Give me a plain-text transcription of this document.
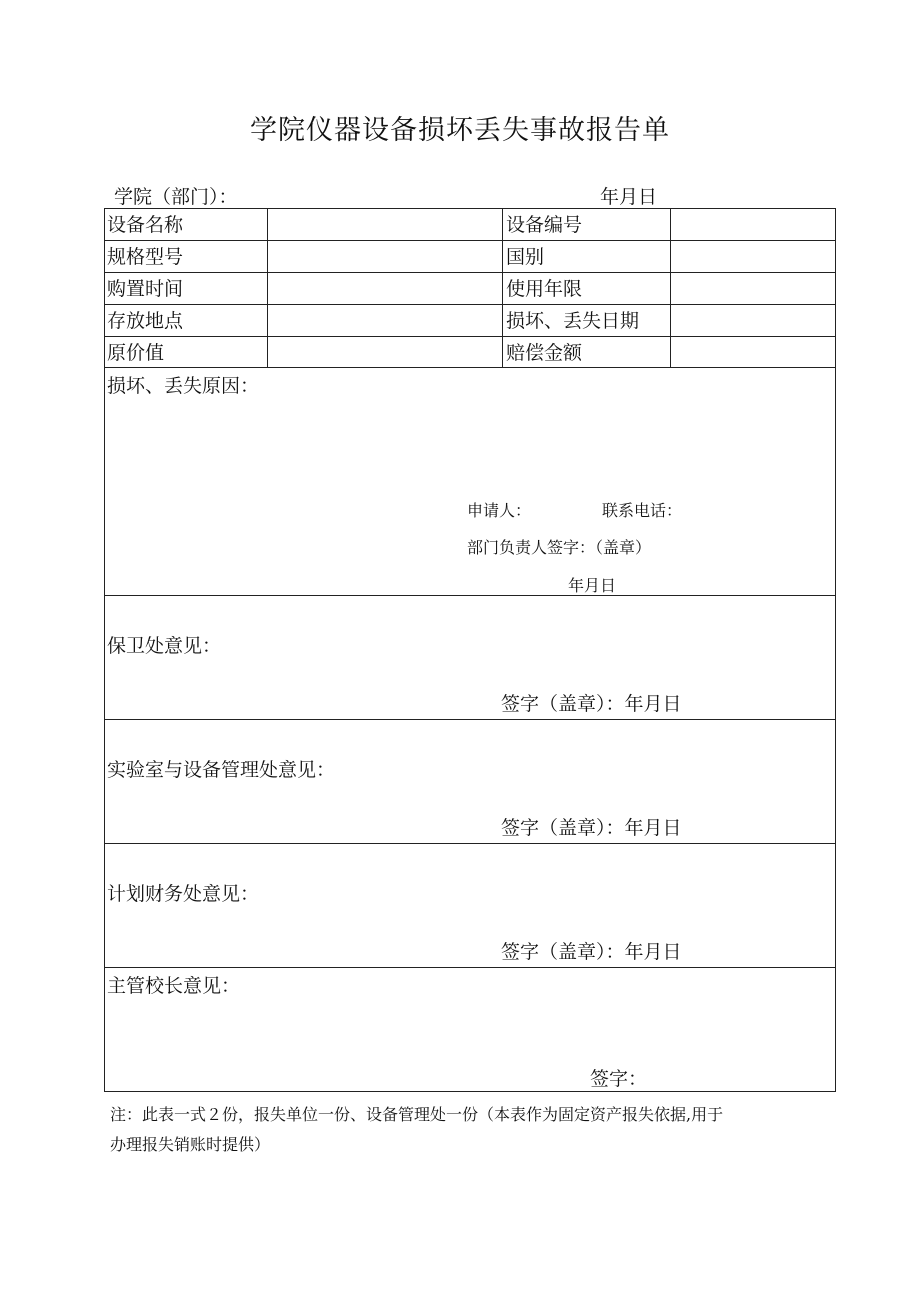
学院仪器设备损坏丢失事故报告单
学院（部门）：	年月日
设备名称	设备编号
规格型号	国别
购置时间	使用年限
存放地点	损坏、丢失日期
原价值	赔偿金额
损坏、丢失原因：
申请人：	联系电话：
部门负责人签字：（盖章）
年月日
保卫处意见：
签字（盖章）：年月日
实验室与设备管理处意见：
签字（盖章）：年月日
计划财务处意见：
签字（盖章）：年月日
主管校长意见：
签字：
注：此表一式２份，报失单位一份、设备管理处一份（本表作为固定资产报失依据,用于
办理报失销账时提供）
